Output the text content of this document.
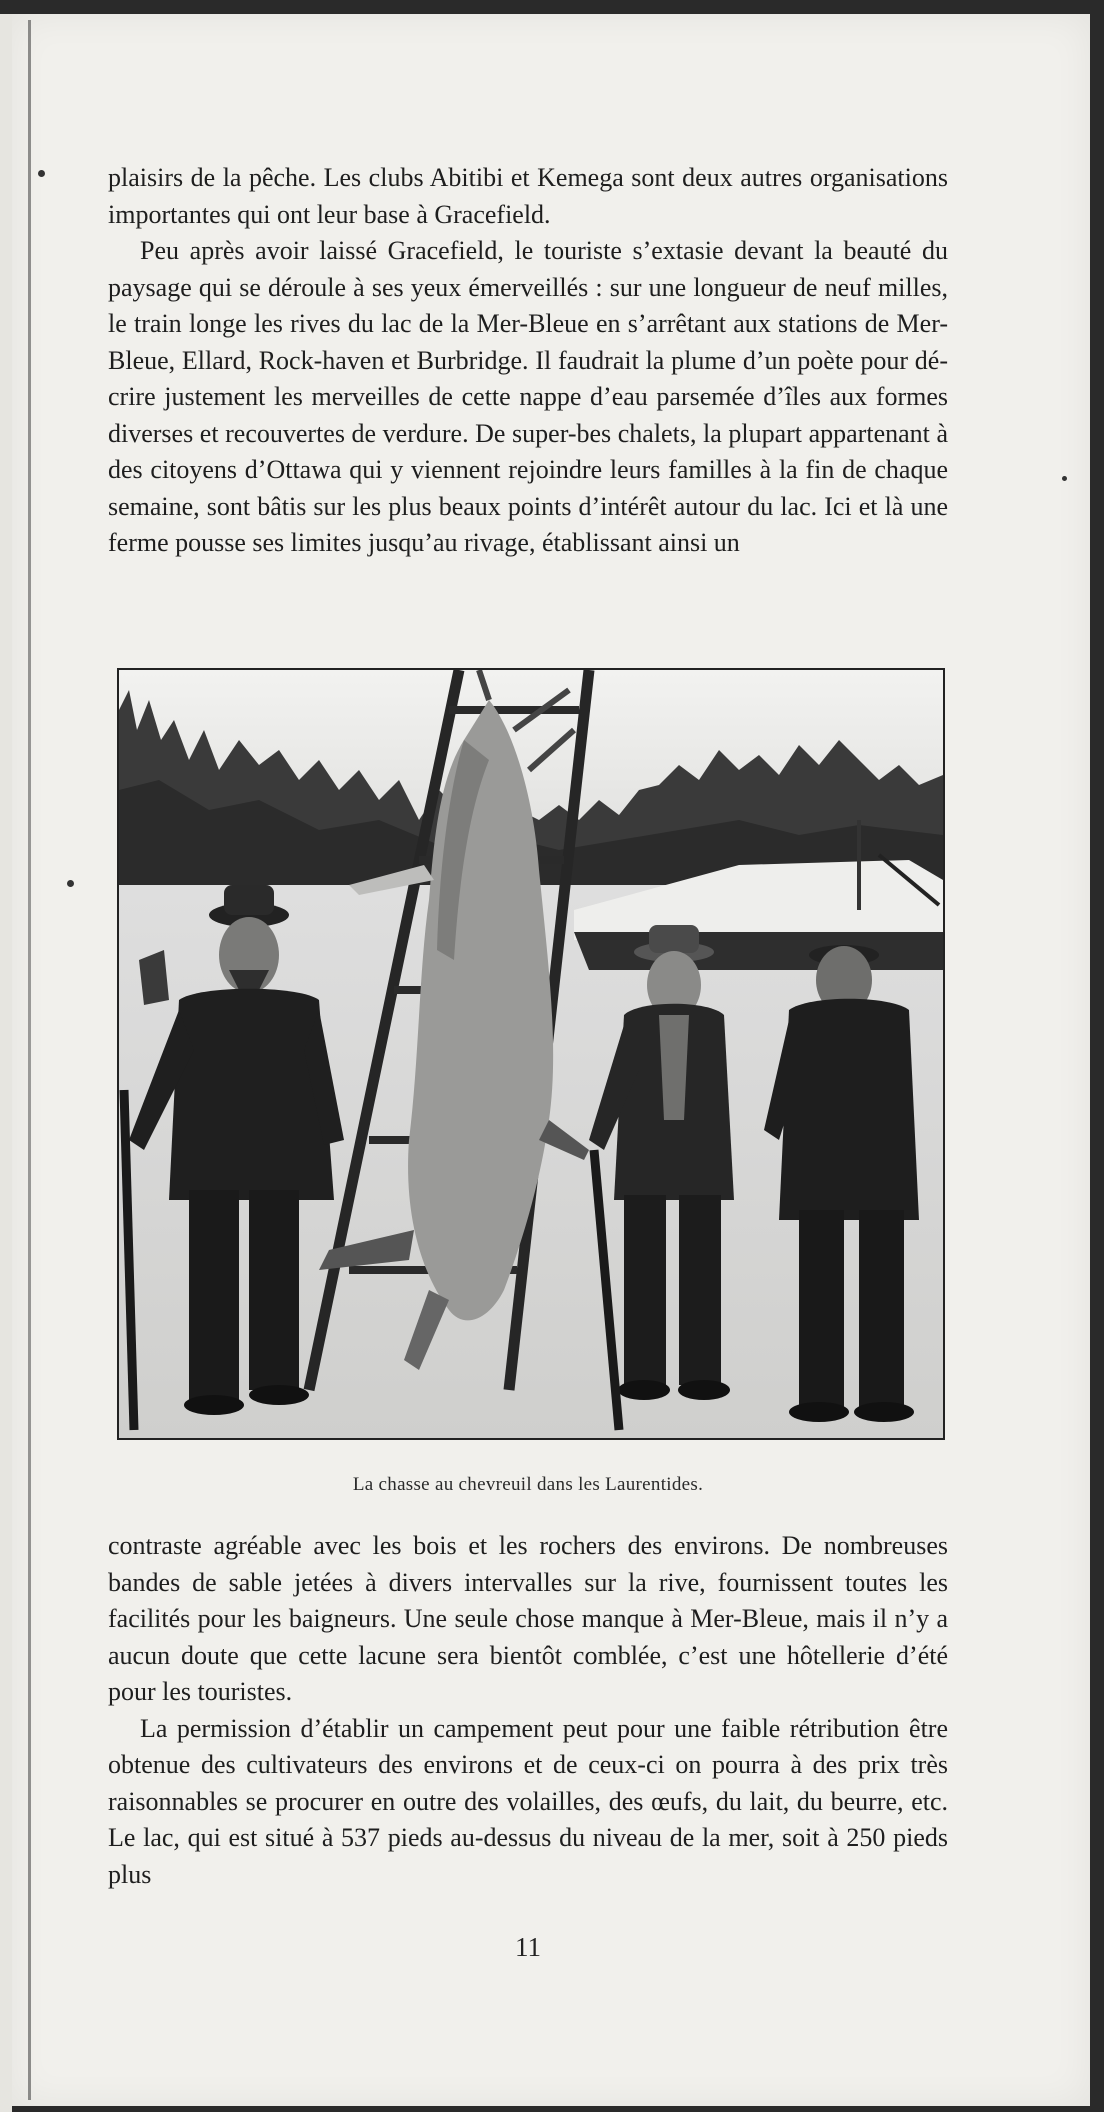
plaisirs de la pêche. Les clubs Abitibi et Kemega sont deux autres organisations importantes qui ont leur base à Gracefield.

Peu après avoir laissé Gracefield, le touriste s’extasie devant la beauté du paysage qui se déroule à ses yeux émerveillés : sur une longueur de neuf milles, le train longe les rives du lac de la Mer-Bleue en s’arrêtant aux stations de Mer-Bleue, Ellard, Rock-haven et Burbridge. Il faudrait la plume d’un poète pour dé-crire justement les merveilles de cette nappe d’eau parsemée d’îles aux formes diverses et recouvertes de verdure. De super-bes chalets, la plupart appartenant à des citoyens d’Ottawa qui y viennent rejoindre leurs familles à la fin de chaque semaine, sont bâtis sur les plus beaux points d’intérêt autour du lac. Ici et là une ferme pousse ses limites jusqu’au rivage, établissant ainsi un

La chasse au chevreuil dans les Laurentides.

contraste agréable avec les bois et les rochers des environs. De nombreuses bandes de sable jetées à divers intervalles sur la rive, fournissent toutes les facilités pour les baigneurs. Une seule chose manque à Mer-Bleue, mais il n’y a aucun doute que cette lacune sera bientôt comblée, c’est une hôtellerie d’été pour les touristes.

La permission d’établir un campement peut pour une faible rétribution être obtenue des cultivateurs des environs et de ceux-ci on pourra à des prix très raisonnables se procurer en outre des volailles, des œufs, du lait, du beurre, etc. Le lac, qui est situé à 537 pieds au-dessus du niveau de la mer, soit à 250 pieds plus

11
